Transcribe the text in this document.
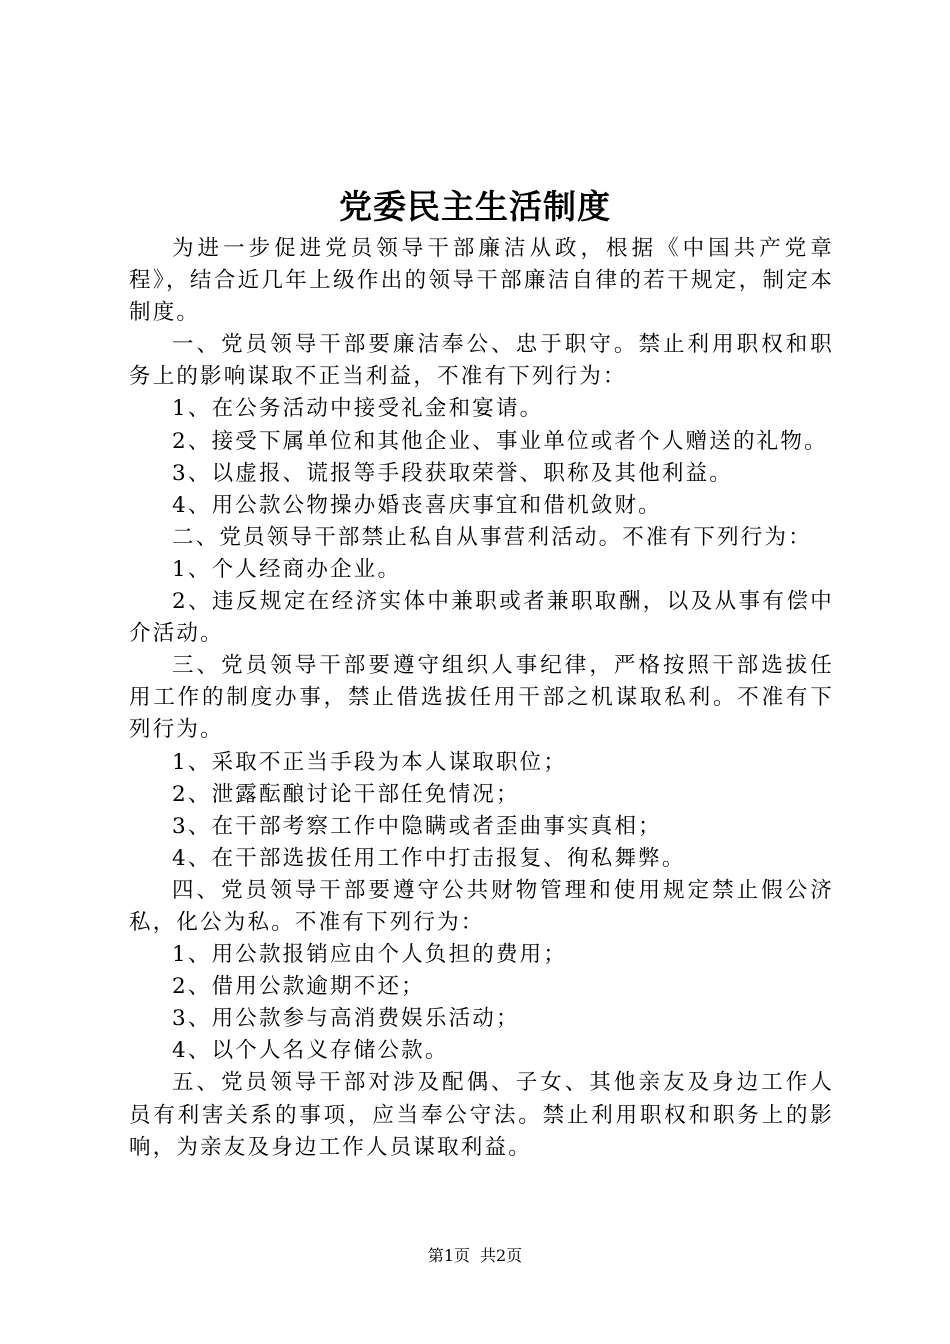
党委民主生活制度

为进一步促进党员领导干部廉洁从政，根据《中国共产党章程》，结合近几年上级作出的领导干部廉洁自律的若干规定，制定本制度。

一、党员领导干部要廉洁奉公、忠于职守。禁止利用职权和职务上的影响谋取不正当利益，不准有下列行为：

1、在公务活动中接受礼金和宴请。

2、接受下属单位和其他企业、事业单位或者个人赠送的礼物。

3、以虚报、谎报等手段获取荣誉、职称及其他利益。

4、用公款公物操办婚丧喜庆事宜和借机敛财。

二、党员领导干部禁止私自从事营利活动。不准有下列行为：

1、个人经商办企业。

2、违反规定在经济实体中兼职或者兼职取酬，以及从事有偿中介活动。

三、党员领导干部要遵守组织人事纪律，严格按照干部选拔任用工作的制度办事，禁止借选拔任用干部之机谋取私利。不准有下列行为。

1、采取不正当手段为本人谋取职位；

2、泄露酝酿讨论干部任免情况；

3、在干部考察工作中隐瞒或者歪曲事实真相；

4、在干部选拔任用工作中打击报复、徇私舞弊。

四、党员领导干部要遵守公共财物管理和使用规定禁止假公济私，化公为私。不准有下列行为：

1、用公款报销应由个人负担的费用；

2、借用公款逾期不还；

3、用公款参与高消费娱乐活动；

4、以个人名义存储公款。

五、党员领导干部对涉及配偶、子女、其他亲友及身边工作人员有利害关系的事项，应当奉公守法。禁止利用职权和职务上的影响，为亲友及身边工作人员谋取利益。

第1页 共2页
